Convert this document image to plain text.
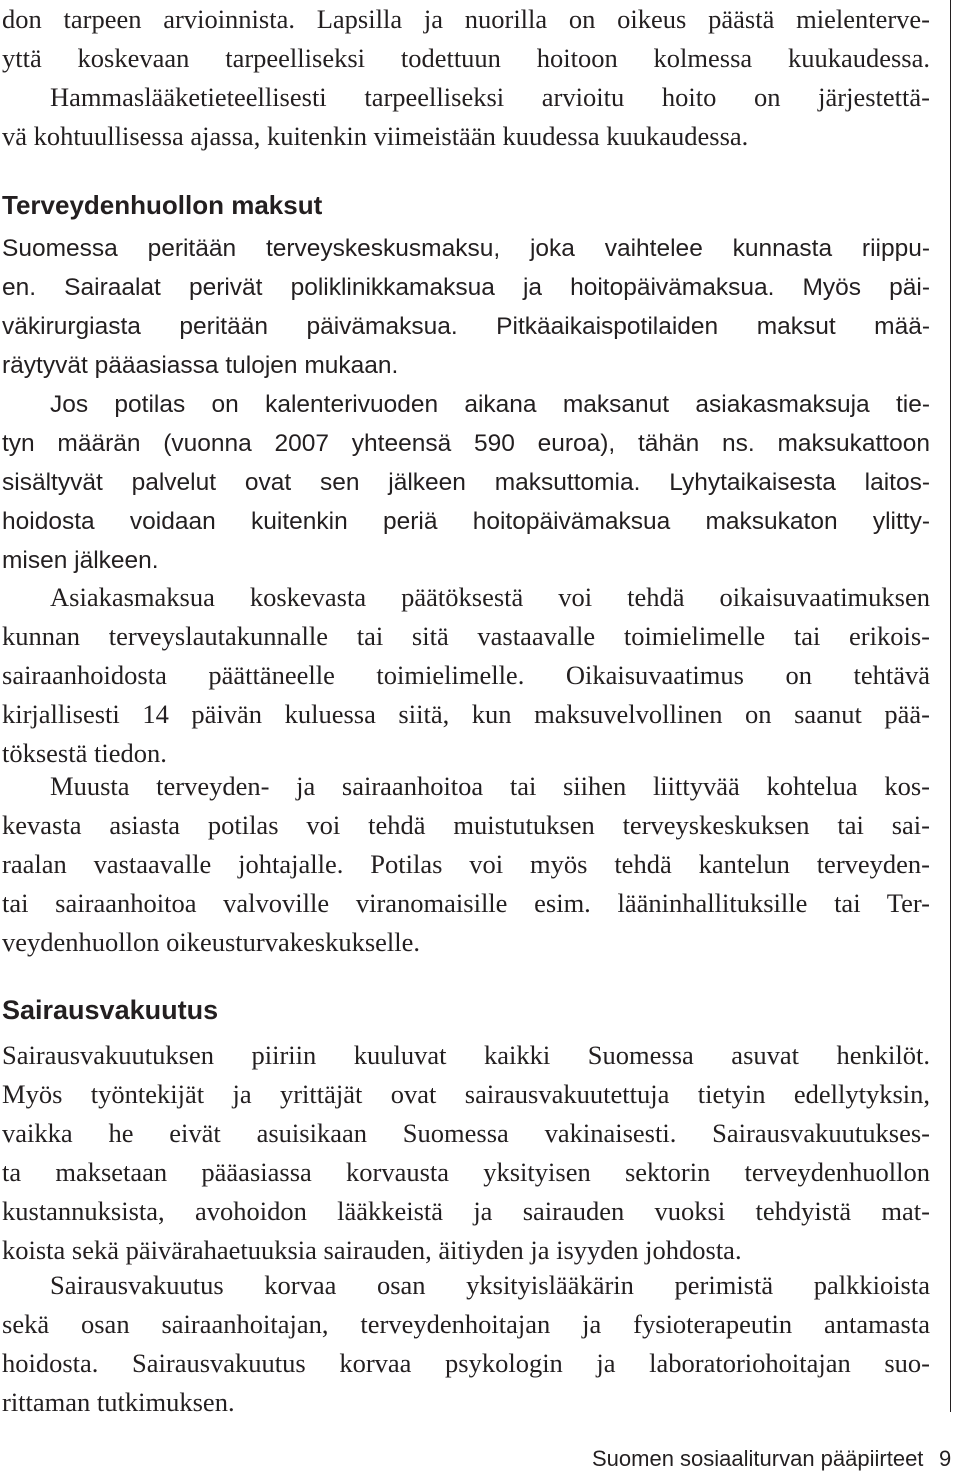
don tarpeen arvioinnista. Lapsilla ja nuorilla on oikeus päästä mielenterve-
yttä koskevaan tarpeelliseksi todettuun hoitoon kolmessa kuukaudessa.
Hammaslääketieteellisesti tarpeelliseksi arvioitu hoito on järjestettä-
vä kohtuullisessa ajassa, kuitenkin viimeistään kuudessa kuukaudessa.
Terveydenhuollon maksut
Suomessa peritään terveyskeskusmaksu, joka vaihtelee kunnasta riippu-
en. Sairaalat perivät poliklinikkamaksua ja hoitopäivämaksua. Myös päi-
väkirurgiasta peritään päivämaksua. Pitkäaikaispotilaiden maksut mää-
räytyvät pääasiassa tulojen mukaan.
Jos potilas on kalenterivuoden aikana maksanut asiakasmaksuja tie-
tyn määrän (vuonna 2007 yhteensä 590 euroa), tähän ns. maksukattoon
sisältyvät palvelut ovat sen jälkeen maksuttomia. Lyhytaikaisesta laitos-
hoidosta voidaan kuitenkin periä hoitopäivämaksua maksukaton ylitty-
misen jälkeen.
Asiakasmaksua koskevasta päätöksestä voi tehdä oikaisuvaatimuksen
kunnan terveyslautakunnalle tai sitä vastaavalle toimielimelle tai erikois-
sairaanhoidosta päättäneelle toimielimelle. Oikaisuvaatimus on tehtävä
kirjallisesti 14 päivän kuluessa siitä, kun maksuvelvollinen on saanut pää-
töksestä tiedon.
Muusta terveyden- ja sairaanhoitoa tai siihen liittyvää kohtelua kos-
kevasta asiasta potilas voi tehdä muistutuksen terveyskeskuksen tai sai-
raalan vastaavalle johtajalle. Potilas voi myös tehdä kantelun terveyden-
tai sairaanhoitoa valvoville viranomaisille esim. lääninhallituksille tai Ter-
veydenhuollon oikeusturvakeskukselle.
Sairausvakuutus
Sairausvakuutuksen piiriin kuuluvat kaikki Suomessa asuvat henkilöt.
Myös työntekijät ja yrittäjät ovat sairausvakuutettuja tietyin edellytyksin,
vaikka he eivät asuisikaan Suomessa vakinaisesti. Sairausvakuutukses-
ta maksetaan pääasiassa korvausta yksityisen sektorin terveydenhuollon
kustannuksista, avohoidon lääkkeistä ja sairauden vuoksi tehdyistä mat-
koista sekä päivärahaetuuksia sairauden, äitiyden ja isyyden johdosta.
Sairausvakuutus korvaa osan yksityislääkärin perimistä palkkioista
sekä osan sairaanhoitajan, terveydenhoitajan ja fysioterapeutin antamasta
hoidosta. Sairausvakuutus korvaa psykologin ja laboratoriohoitajan suo-
rittaman tutkimuksen.
Suomen sosiaaliturvan pääpiirteet 9
